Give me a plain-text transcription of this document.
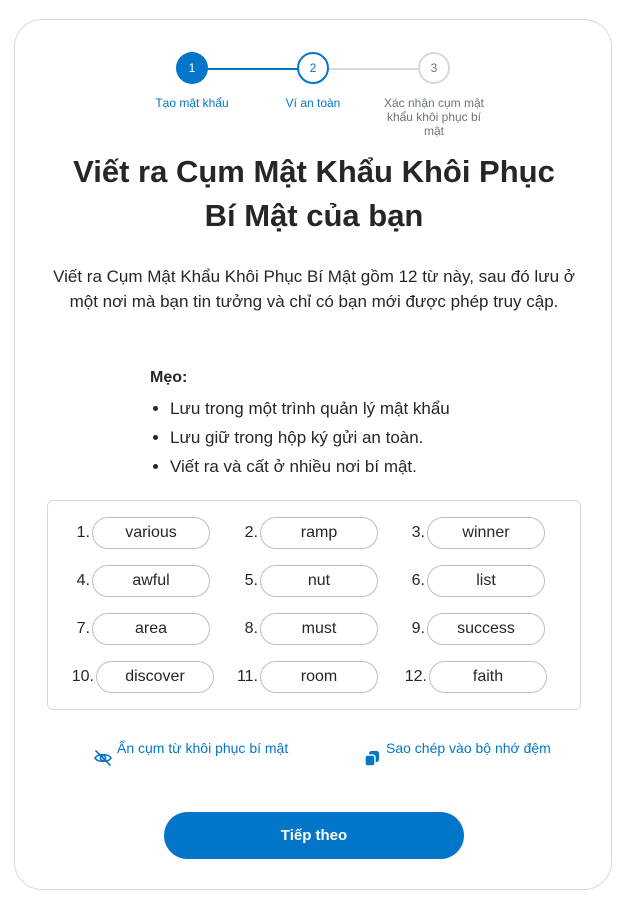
1	2	3
Tạo mật khẩu	Ví an toàn	Xác nhận cụm mật khẩu khôi phục bí mật
Viết ra Cụm Mật Khẩu Khôi Phục Bí Mật của bạn
Viết ra Cụm Mật Khẩu Khôi Phục Bí Mật gồm 12 từ này, sau đó lưu ở một nơi mà bạn tin tưởng và chỉ có bạn mới được phép truy cập.
Mẹo:
• Lưu trong một trình quản lý mật khẩu
• Lưu giữ trong hộp ký gửi an toàn.
• Viết ra và cất ở nhiều nơi bí mật.
1.	various	2.	ramp	3.	winner
4.	awful	5.	nut	6.	list
7.	area	8.	must	9.	success
10.	discover	11.	room	12.	faith
Ẩn cụm từ khôi phục bí mật	Sao chép vào bộ nhớ đệm
Tiếp theo
